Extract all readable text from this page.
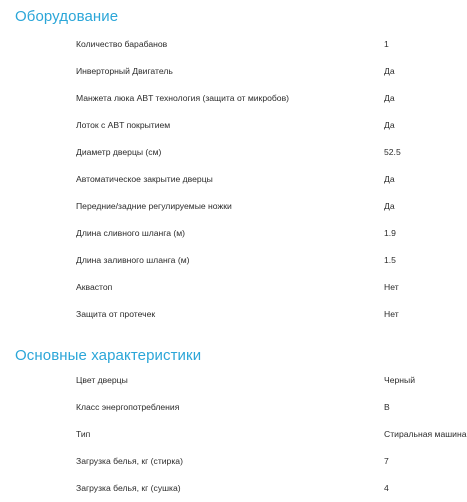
Оборудование
Количество барабанов	1
Инверторный Двигатель	Да
Манжета люка ABT технология (защита от микробов)	Да
Лоток с ABT покрытием	Да
Диаметр дверцы (см)	52.5
Автоматическое закрытие дверцы	Да
Передние/задние регулируемые ножки	Да
Длина сливного шланга (м)	1.9
Длина заливного шланга (м)	1.5
Аквастоп	Нет
Защита от протечек	Нет
Основные характеристики
Цвет дверцы	Черный
Класс энергопотребления	B
Тип	Стиральная машина
Загрузка белья, кг (стирка)	7
Загрузка белья, кг (сушка)	4
